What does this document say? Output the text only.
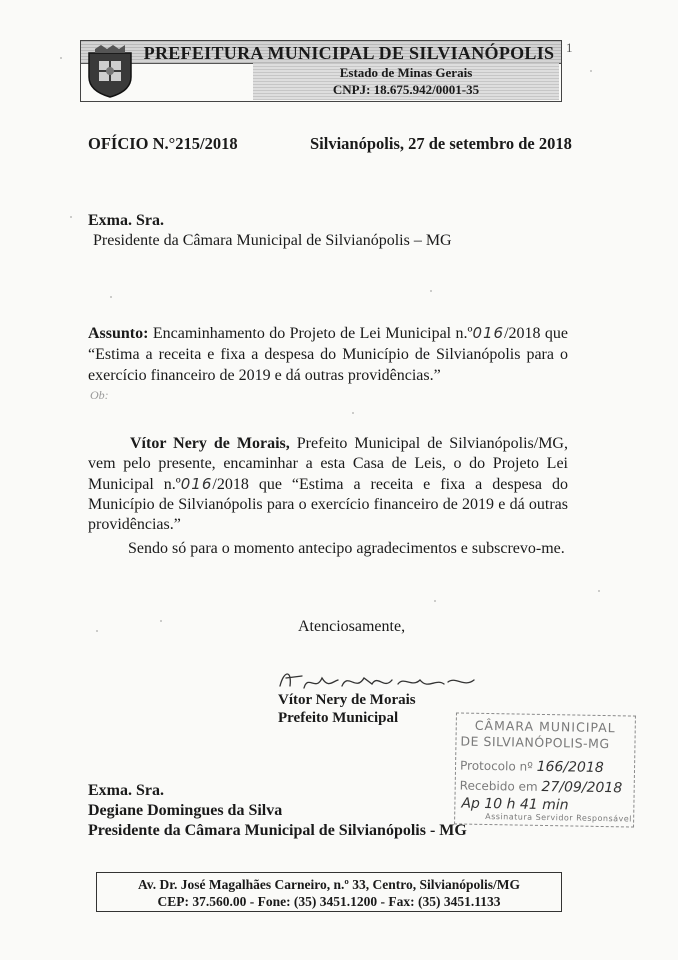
PREFEITURA MUNICIPAL DE SILVIANÓPOLIS
Estado de Minas Gerais
CNPJ: 18.675.942/0001-35
1
OFÍCIO N.°215/2018	Silvianópolis, 27 de setembro de 2018
Exma. Sra.
Presidente da Câmara Municipal de Silvianópolis – MG
Assunto: Encaminhamento do Projeto de Lei Municipal n.º016/2018 que “Estima a receita e fixa a despesa do Município de Silvianópolis para o exercício financeiro de 2019 e dá outras providências.”
Ob:
Vítor Nery de Morais, Prefeito Municipal de Silvianópolis/MG, vem pelo presente, encaminhar a esta Casa de Leis, o do Projeto Lei Municipal n.º016/2018 que “Estima a receita e fixa a despesa do Município de Silvianópolis para o exercício financeiro de 2019 e dá outras providências.”
Sendo só para o momento antecipo agradecimentos e subscrevo-me.
Atenciosamente,
Vítor Nery de Morais
Prefeito Municipal	CÂMARA MUNICIPAL
DE SILVIANÓPOLIS-MG
Protocolo nº 166/2018
Recebido em 27/09/2018
Ap 10 h 41 min
Assinatura Servidor Responsável
Exma. Sra.
Degiane Domingues da Silva
Presidente da Câmara Municipal de Silvianópolis - MG
Av. Dr. José Magalhães Carneiro, n.º 33, Centro, Silvianópolis/MG
CEP: 37.560.00 - Fone: (35) 3451.1200 - Fax: (35) 3451.1133
